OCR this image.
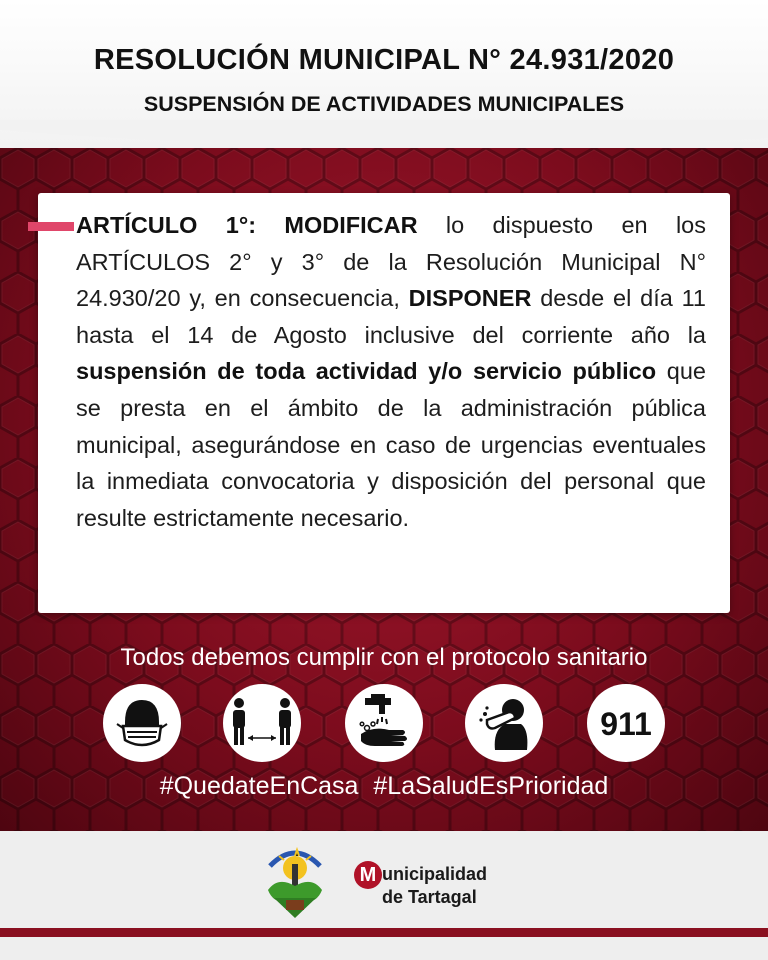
RESOLUCIÓN MUNICIPAL N° 24.931/2020
SUSPENSIÓN DE ACTIVIDADES MUNICIPALES

ARTÍCULO 1°: MODIFICAR lo dispuesto en los ARTÍCULOS 2° y 3° de la Resolución Municipal N° 24.930/20 y, en consecuencia, DISPONER desde el día 11 hasta el 14 de Agosto inclusive del corriente año la suspensión de toda actividad y/o servicio público que se presta en el ámbito de la administración pública municipal, asegurándose en caso de urgencias eventuales la inmediata convocatoria y disposición del personal que resulte estrictamente necesario.

Todos debemos cumplir con el protocolo sanitario
911
#QuedateEnCasa #LaSaludEsPrioridad
M unicipalidad
de Tartagal
